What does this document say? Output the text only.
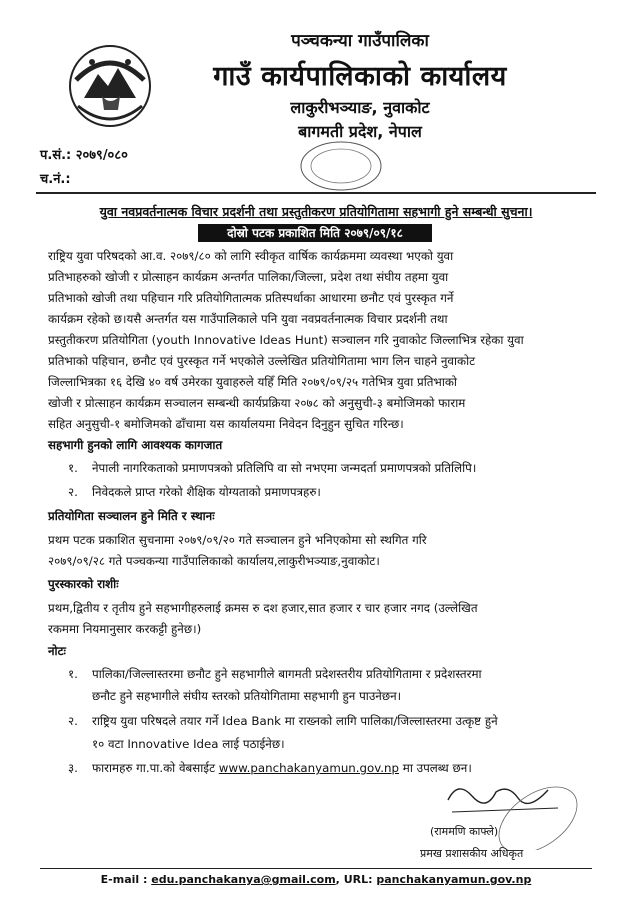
पञ्चकन्या गाउँपालिका
गाउँ कार्यपालिकाको कार्यालय
लाकुरीभञ्याङ, नुवाकोट
बागमती प्रदेश, नेपाल
प.सं.: २०७९/०८०
च.नं.:
युवा नवप्रवर्तनात्मक विचार प्रदर्शनी तथा प्रस्तुतीकरण प्रतियोगितामा सहभागी हुने सम्बन्धी सुचना।
दोस्रो पटक प्रकाशित मिति २०७९/०९/१८
राष्ट्रिय युवा परिषदको आ.व. २०७९/८० को लागि स्वीकृत वार्षिक कार्यक्रममा व्यवस्था भएको युवा
प्रतिभाहरुको खोजी र प्रोत्साहन कार्यक्रम अन्तर्गत पालिका/जिल्ला, प्रदेश तथा संघीय तहमा युवा
प्रतिभाको खोजी तथा पहिचान गरि प्रतियोगितात्मक प्रतिस्पर्धाका आधारमा छनौट एवं पुरस्कृत गर्ने
कार्यक्रम रहेको छ।यसै अन्तर्गत यस गाउँपालिकाले पनि युवा नवप्रवर्तनात्मक विचार प्रदर्शनी तथा
प्रस्तुतीकरण प्रतियोगिता (youth Innovative Ideas Hunt) सञ्चालन गरि नुवाकोट जिल्लाभित्र रहेका युवा
प्रतिभाको पहिचान, छनौट एवं पुरस्कृत गर्ने भएकोले उल्लेखित प्रतियोगितामा भाग लिन चाहने नुवाकोट
जिल्लाभित्रका १६ देखि ४० वर्ष उमेरका युवाहरुले यहिँ मिति २०७९/०९/२५ गतेभित्र युवा प्रतिभाको
खोजी र प्रोत्साहन कार्यक्रम सञ्चालन सम्बन्धी कार्यप्रक्रिया २०७८ को अनुसुची-३ बमोजिमको फाराम
सहित अनुसुची-१ बमोजिमको ढाँचामा यस कार्यालयमा निवेदन दिनुहुन सुचित गरिन्छ।
सहभागी हुनको लागि आवश्यक कागजात
१. नेपाली नागरिकताको प्रमाणपत्रको प्रतिलिपि वा सो नभएमा जन्मदर्ता प्रमाणपत्रको प्रतिलिपि।
२. निवेदकले प्राप्त गरेको शैक्षिक योग्यताको प्रमाणपत्रहरु।
प्रतियोगिता सञ्चालन हुने मिति र स्थानः
प्रथम पटक प्रकाशित सुचनामा २०७९/०९/२० गते सञ्चालन हुने भनिएकोमा सो स्थगित गरि
२०७९/०९/२८ गते पञ्चकन्या गाउँपालिकाको कार्यालय,लाकुरीभञ्याङ,नुवाकोट।
पुरस्कारको राशीः
प्रथम,द्वितीय र तृतीय हुने सहभागीहरुलाई क्रमस रु दश हजार,सात हजार र चार हजार नगद (उल्लेखित
रकममा नियमानुसार करकट्टी हुनेछ।)
नोटः
१. पालिका/जिल्लास्तरमा छनौट हुने सहभागीले बागमती प्रदेशस्तरीय प्रतियोगितामा र प्रदेशस्तरमा
छनौट हुने सहभागीले संघीय स्तरको प्रतियोगितामा सहभागी हुन पाउनेछन।
२. राष्ट्रिय युवा परिषदले तयार गर्ने Idea Bank मा राख्नको लागि पालिका/जिल्लास्तरमा उत्कृष्ट हुने
१० वटा Innovative Idea लाई पठाईनेछ।
३. फारामहरु गा.पा.को वेबसाईट www.panchakanyamun.gov.np मा उपलब्ध छन।
(राममणि काफ्ले)
प्रमख प्रशासकीय अधिकृत
E-mail : edu.panchakanya@gmail.com, URL: panchakanyamun.gov.np
